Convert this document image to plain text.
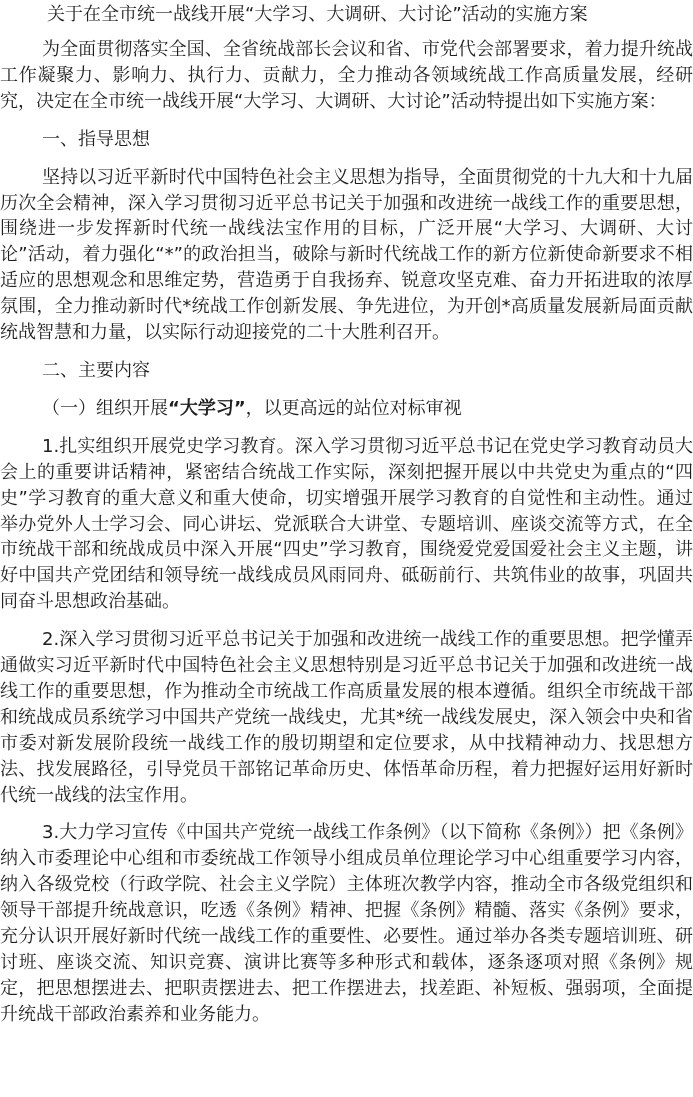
关于在全市统一战线开展“大学习、大调研、大讨论”活动的实施方案

为全面贯彻落实全国、全省统战部长会议和省、市党代会部署要求，着力提升统战工作凝聚力、影响力、执行力、贡献力，全力推动各领域统战工作高质量发展，经研究，决定在全市统一战线开展“大学习、大调研、大讨论”活动特提出如下实施方案：

一、指导思想

坚持以习近平新时代中国特色社会主义思想为指导，全面贯彻党的十九大和十九届历次全会精神，深入学习贯彻习近平总书记关于加强和改进统一战线工作的重要思想，围绕进一步发挥新时代统一战线法宝作用的目标，广泛开展“大学习、大调研、大讨论”活动，着力强化“*”的政治担当，破除与新时代统战工作的新方位新使命新要求不相适应的思想观念和思维定势，营造勇于自我扬弃、锐意攻坚克难、奋力开拓进取的浓厚氛围，全力推动新时代*统战工作创新发展、争先进位，为开创*高质量发展新局面贡献统战智慧和力量，以实际行动迎接党的二十大胜利召开。

二、主要内容

（一）组织开展“大学习”，以更高远的站位对标审视

1.扎实组织开展党史学习教育。深入学习贯彻习近平总书记在党史学习教育动员大会上的重要讲话精神，紧密结合统战工作实际，深刻把握开展以中共党史为重点的“四史”学习教育的重大意义和重大使命，切实增强开展学习教育的自觉性和主动性。通过举办党外人士学习会、同心讲坛、党派联合大讲堂、专题培训、座谈交流等方式，在全市统战干部和统战成员中深入开展“四史”学习教育，围绕爱党爱国爱社会主义主题，讲好中国共产党团结和领导统一战线成员风雨同舟、砥砺前行、共筑伟业的故事，巩固共同奋斗思想政治基础。

2.深入学习贯彻习近平总书记关于加强和改进统一战线工作的重要思想。把学懂弄通做实习近平新时代中国特色社会主义思想特别是习近平总书记关于加强和改进统一战线工作的重要思想，作为推动全市统战工作高质量发展的根本遵循。组织全市统战干部和统战成员系统学习中国共产党统一战线史，尤其*统一战线发展史，深入领会中央和省市委对新发展阶段统一战线工作的殷切期望和定位要求，从中找精神动力、找思想方法、找发展路径，引导党员干部铭记革命历史、体悟革命历程，着力把握好运用好新时代统一战线的法宝作用。

3.大力学习宣传《中国共产党统一战线工作条例》（以下简称《条例》）把《条例》纳入市委理论中心组和市委统战工作领导小组成员单位理论学习中心组重要学习内容，纳入各级党校（行政学院、社会主义学院）主体班次教学内容，推动全市各级党组织和领导干部提升统战意识，吃透《条例》精神、把握《条例》精髓、落实《条例》要求，充分认识开展好新时代统一战线工作的重要性、必要性。通过举办各类专题培训班、研讨班、座谈交流、知识竞赛、演讲比赛等多种形式和载体，逐条逐项对照《条例》规定，把思想摆进去、把职责摆进去、把工作摆进去，找差距、补短板、强弱项，全面提升统战干部政治素养和业务能力。
